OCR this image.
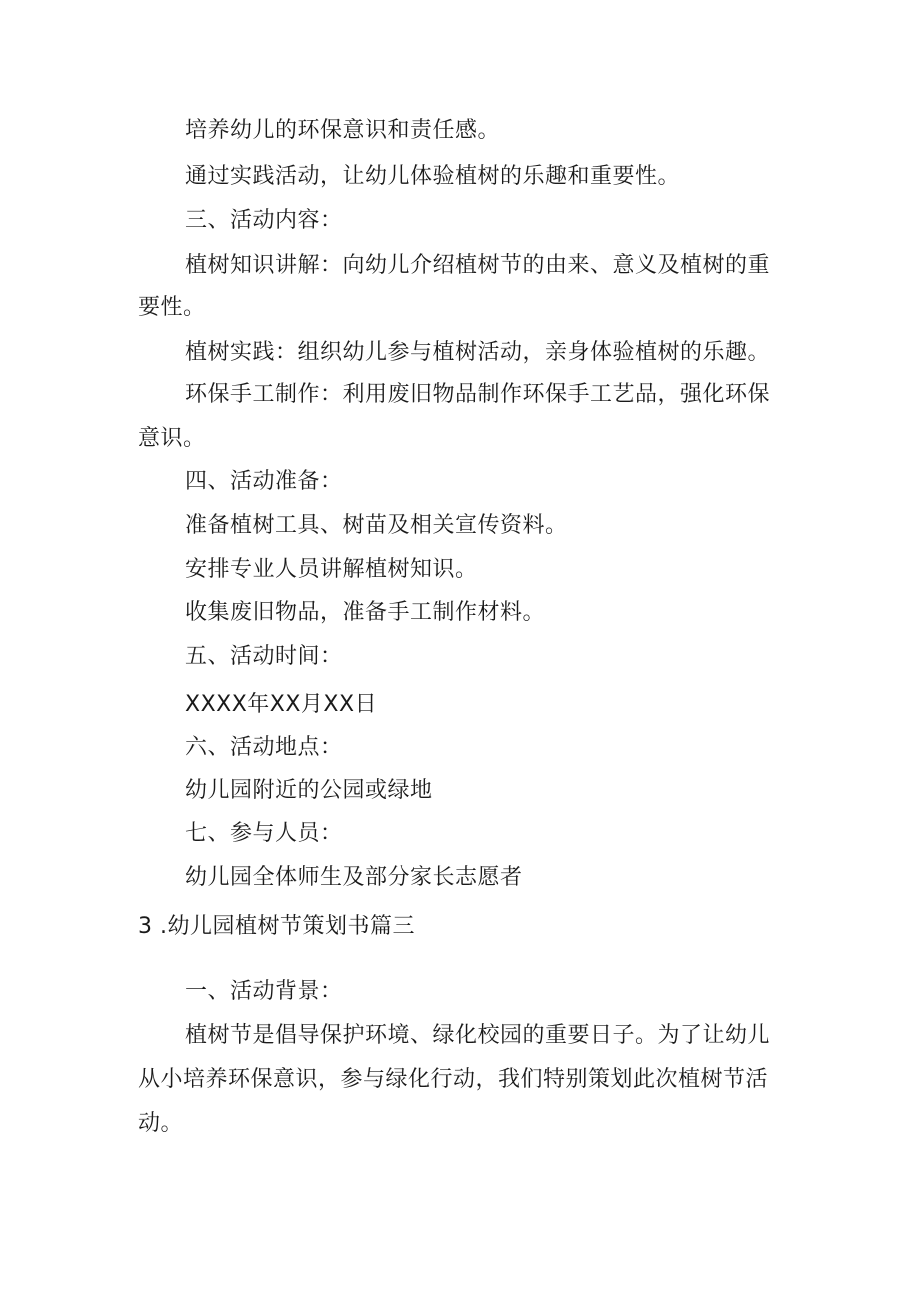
培养幼儿的环保意识和责任感。
通过实践活动，让幼儿体验植树的乐趣和重要性。
三、活动内容：
植树知识讲解：向幼儿介绍植树节的由来、意义及植树的重
要性。
植树实践：组织幼儿参与植树活动，亲身体验植树的乐趣。
环保手工制作：利用废旧物品制作环保手工艺品，强化环保
意识。
四、活动准备：
准备植树工具、树苗及相关宣传资料。
安排专业人员讲解植树知识。
收集废旧物品，准备手工制作材料。
五、活动时间：
XXXX年XX月XX日
六、活动地点：
幼儿园附近的公园或绿地
七、参与人员：
幼儿园全体师生及部分家长志愿者
3 .幼儿园植树节策划书篇三
一、活动背景：
植树节是倡导保护环境、绿化校园的重要日子。为了让幼儿
从小培养环保意识，参与绿化行动，我们特别策划此次植树节活
动。
